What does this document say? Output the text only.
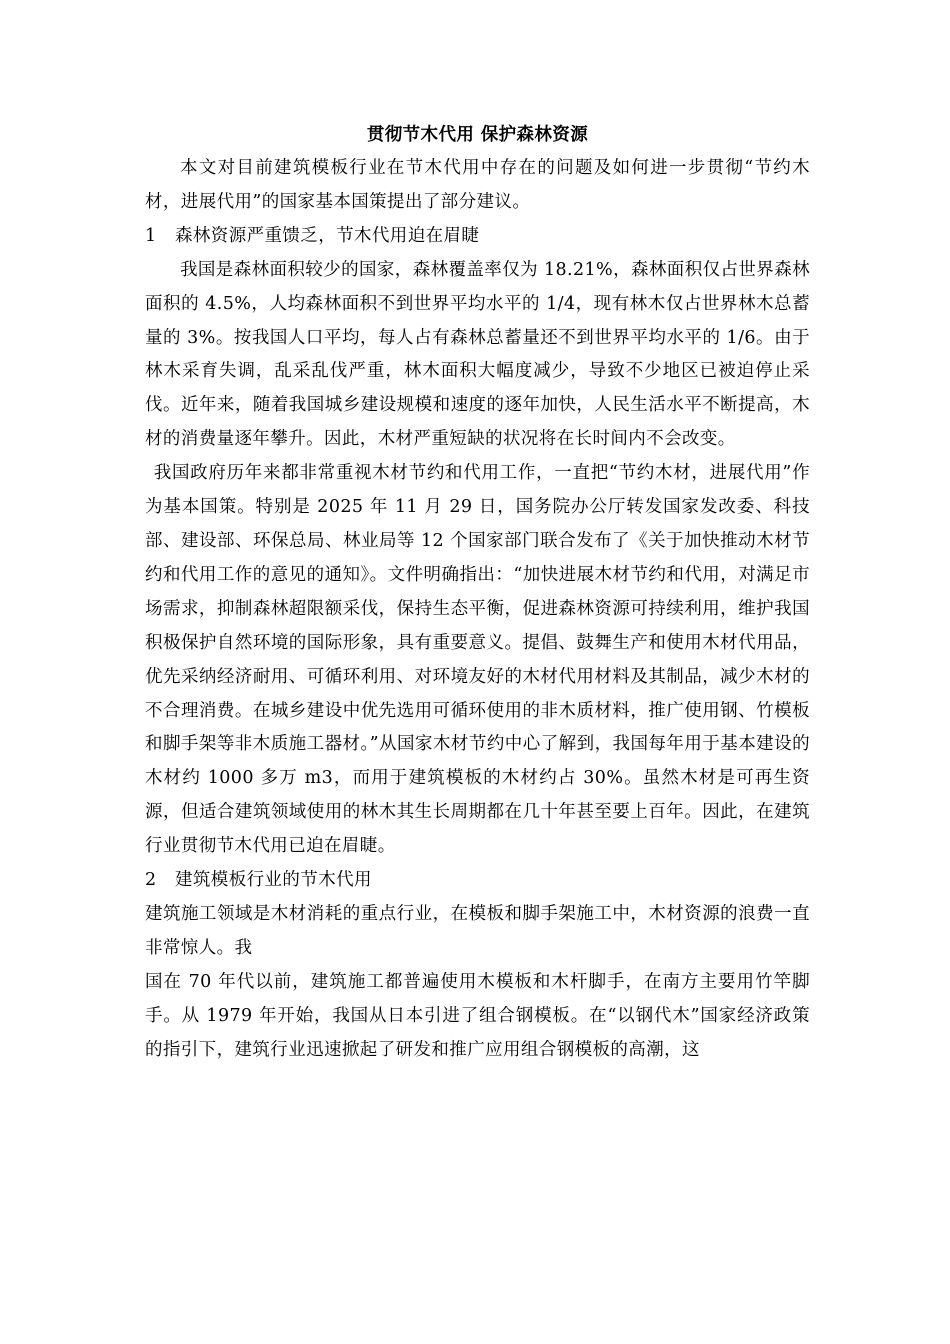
贯彻节木代用 保护森林资源

本文对目前建筑模板行业在节木代用中存在的问题及如何进一步贯彻“节约木材，进展代用”的国家基本国策提出了部分建议。

1 森林资源严重馈乏，节木代用迫在眉睫

我国是森林面积较少的国家，森林覆盖率仅为 18.21%，森林面积仅占世界森林面积的 4.5%，人均森林面积不到世界平均水平的 1/4，现有林木仅占世界林木总蓄量的 3%。按我国人口平均，每人占有森林总蓄量还不到世界平均水平的 1/6。由于林木采育失调，乱采乱伐严重，林木面积大幅度减少，导致不少地区已被迫停止采伐。近年来，随着我国城乡建设规模和速度的逐年加快，人民生活水平不断提高，木材的消费量逐年攀升。因此，木材严重短缺的状况将在长时间内不会改变。

我国政府历年来都非常重视木材节约和代用工作，一直把“节约木材，进展代用”作为基本国策。特别是 2025 年 11 月 29 日，国务院办公厅转发国家发改委、科技部、建设部、环保总局、林业局等 12 个国家部门联合发布了《关于加快推动木材节约和代用工作的意见的通知》。文件明确指出：“加快进展木材节约和代用，对满足市场需求，抑制森林超限额采伐，保持生态平衡，促进森林资源可持续利用，维护我国积极保护自然环境的国际形象，具有重要意义。提倡、鼓舞生产和使用木材代用品，优先采纳经济耐用、可循环利用、对环境友好的木材代用材料及其制品，减少木材的不合理消费。在城乡建设中优先选用可循环使用的非木质材料，推广使用钢、竹模板和脚手架等非木质施工器材。”从国家木材节约中心了解到，我国每年用于基本建设的木材约 1000 多万 m3，而用于建筑模板的木材约占 30%。虽然木材是可再生资源，但适合建筑领域使用的林木其生长周期都在几十年甚至要上百年。因此，在建筑行业贯彻节木代用已迫在眉睫。

2 建筑模板行业的节木代用

建筑施工领域是木材消耗的重点行业，在模板和脚手架施工中，木材资源的浪费一直非常惊人。我

国在 70 年代以前，建筑施工都普遍使用木模板和木杆脚手，在南方主要用竹竿脚手。从 1979 年开始，我国从日本引进了组合钢模板。在“以钢代木”国家经济政策的指引下，建筑行业迅速掀起了研发和推广应用组合钢模板的高潮，这
